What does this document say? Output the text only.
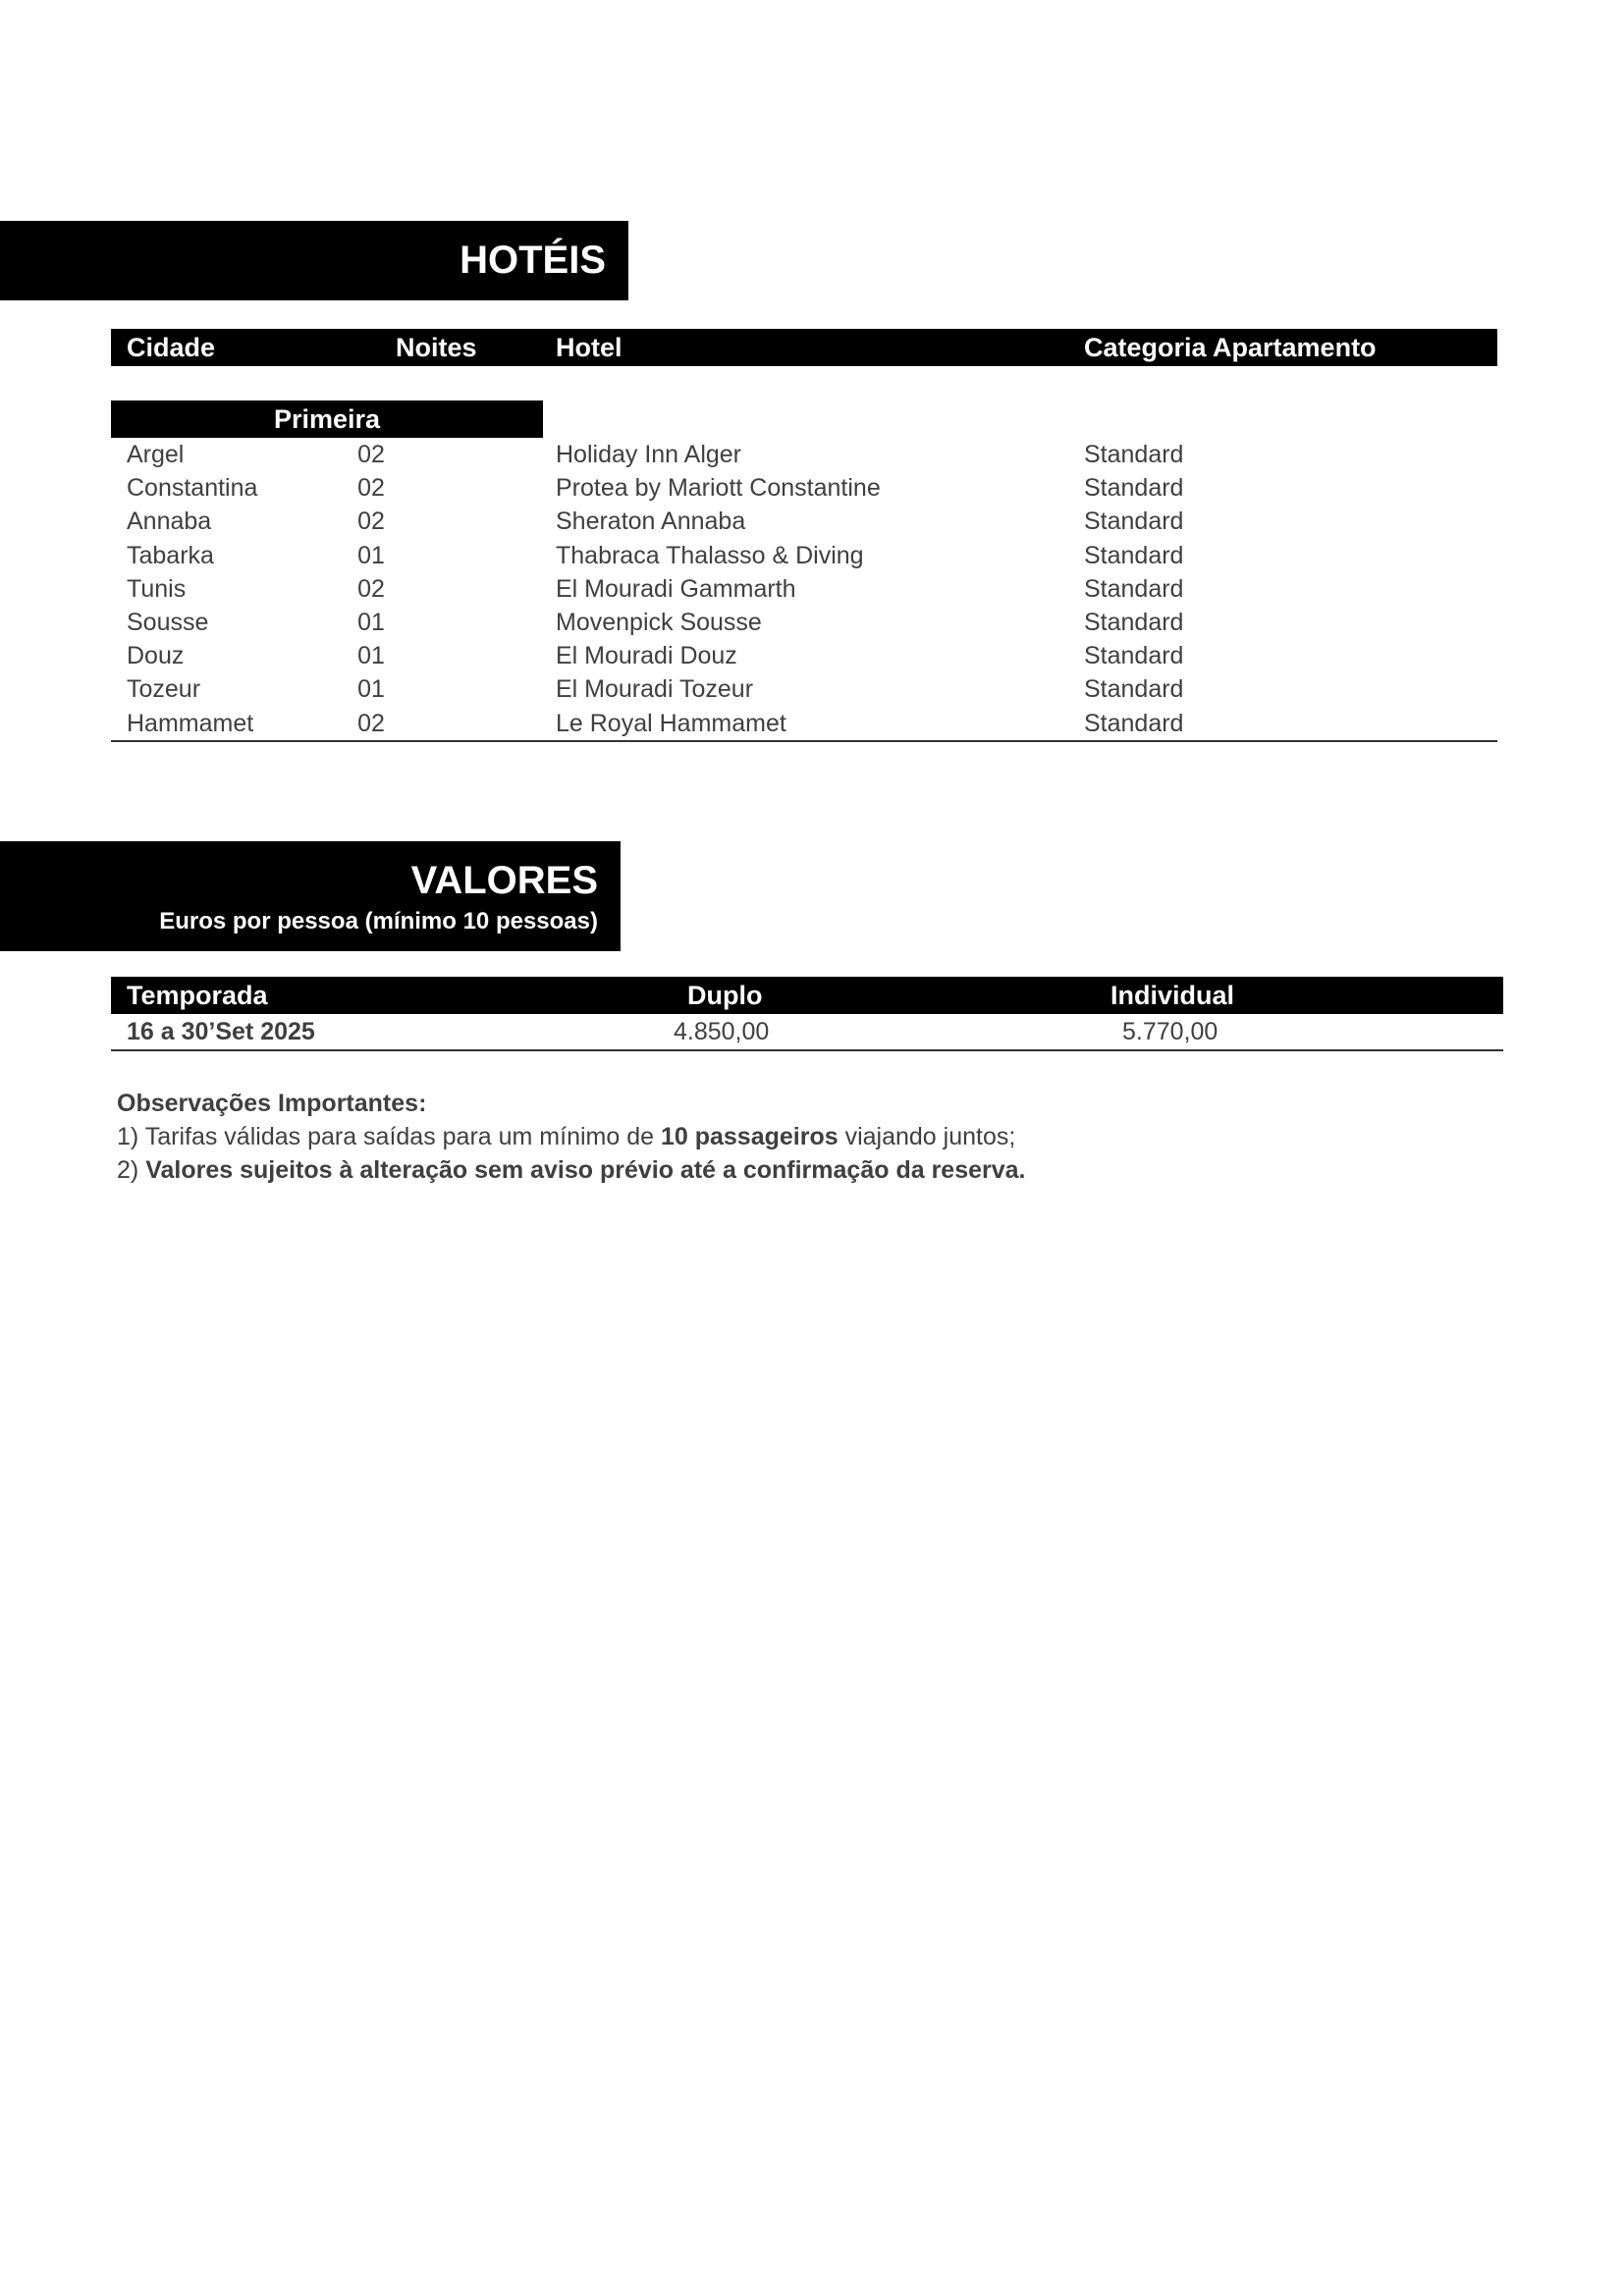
HOTÉIS
Cidade	Noites	Hotel	Categoria Apartamento
Primeira
Argel	02	Holiday Inn Alger	Standard
Constantina	02	Protea by Mariott Constantine	Standard
Annaba	02	Sheraton Annaba	Standard
Tabarka	01	Thabraca Thalasso & Diving	Standard
Tunis	02	El Mouradi Gammarth	Standard
Sousse	01	Movenpick Sousse	Standard
Douz	01	El Mouradi Douz	Standard
Tozeur	01	El Mouradi Tozeur	Standard
Hammamet	02	Le Royal Hammamet	Standard
VALORES
Euros por pessoa (mínimo 10 pessoas)
Temporada	Duplo	Individual
16 a 30’Set 2025	4.850,00	5.770,00
Observações Importantes:
1) Tarifas válidas para saídas para um mínimo de 10 passageiros viajando juntos;
2) Valores sujeitos à alteração sem aviso prévio até a confirmação da reserva.
